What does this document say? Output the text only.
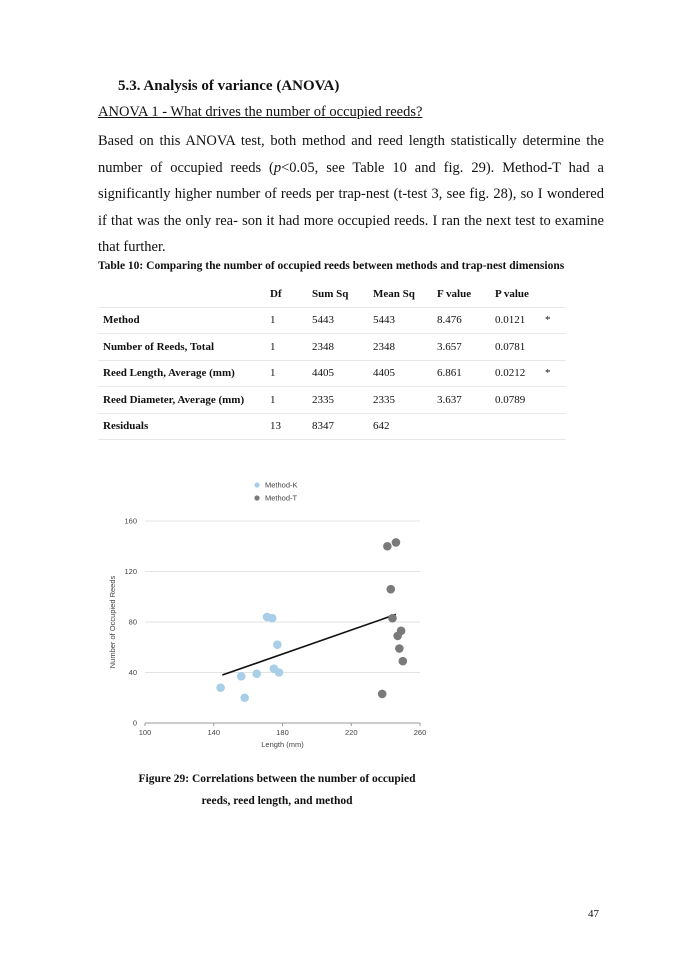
5.3. Analysis of variance (ANOVA)

ANOVA 1 - What drives the number of occupied reeds?

Based on this ANOVA test, both method and reed length statistically determine the number of occupied reeds (p<0.05, see Table 10 and fig. 29). Method-T had a significantly higher number of reeds per trap-nest (t-test 3, see fig. 28), so I wondered if that was the only rea- son it had more occupied reeds. I ran the next test to examine that further.

Table 10: Comparing the number of occupied reeds between methods and trap-nest dimensions

	Df	Sum Sq	Mean Sq	F value	P value	
Method	1	5443	5443	8.476	0.0121	*
Number of Reeds, Total	1	2348	2348	3.657	0.0781	
Reed Length, Average (mm)	1	4405	4405	6.861	0.0212	*
Reed Diameter, Average (mm)	1	2335	2335	3.637	0.0789	
Residuals	13	8347	642			
0
40
80
120
160
100	140	180	220	260
Method-K
Method-T
Length (mm)
Number of Occupied Reeds

Figure 29: Correlations between the number of occupied
reeds, reed length, and method

47
